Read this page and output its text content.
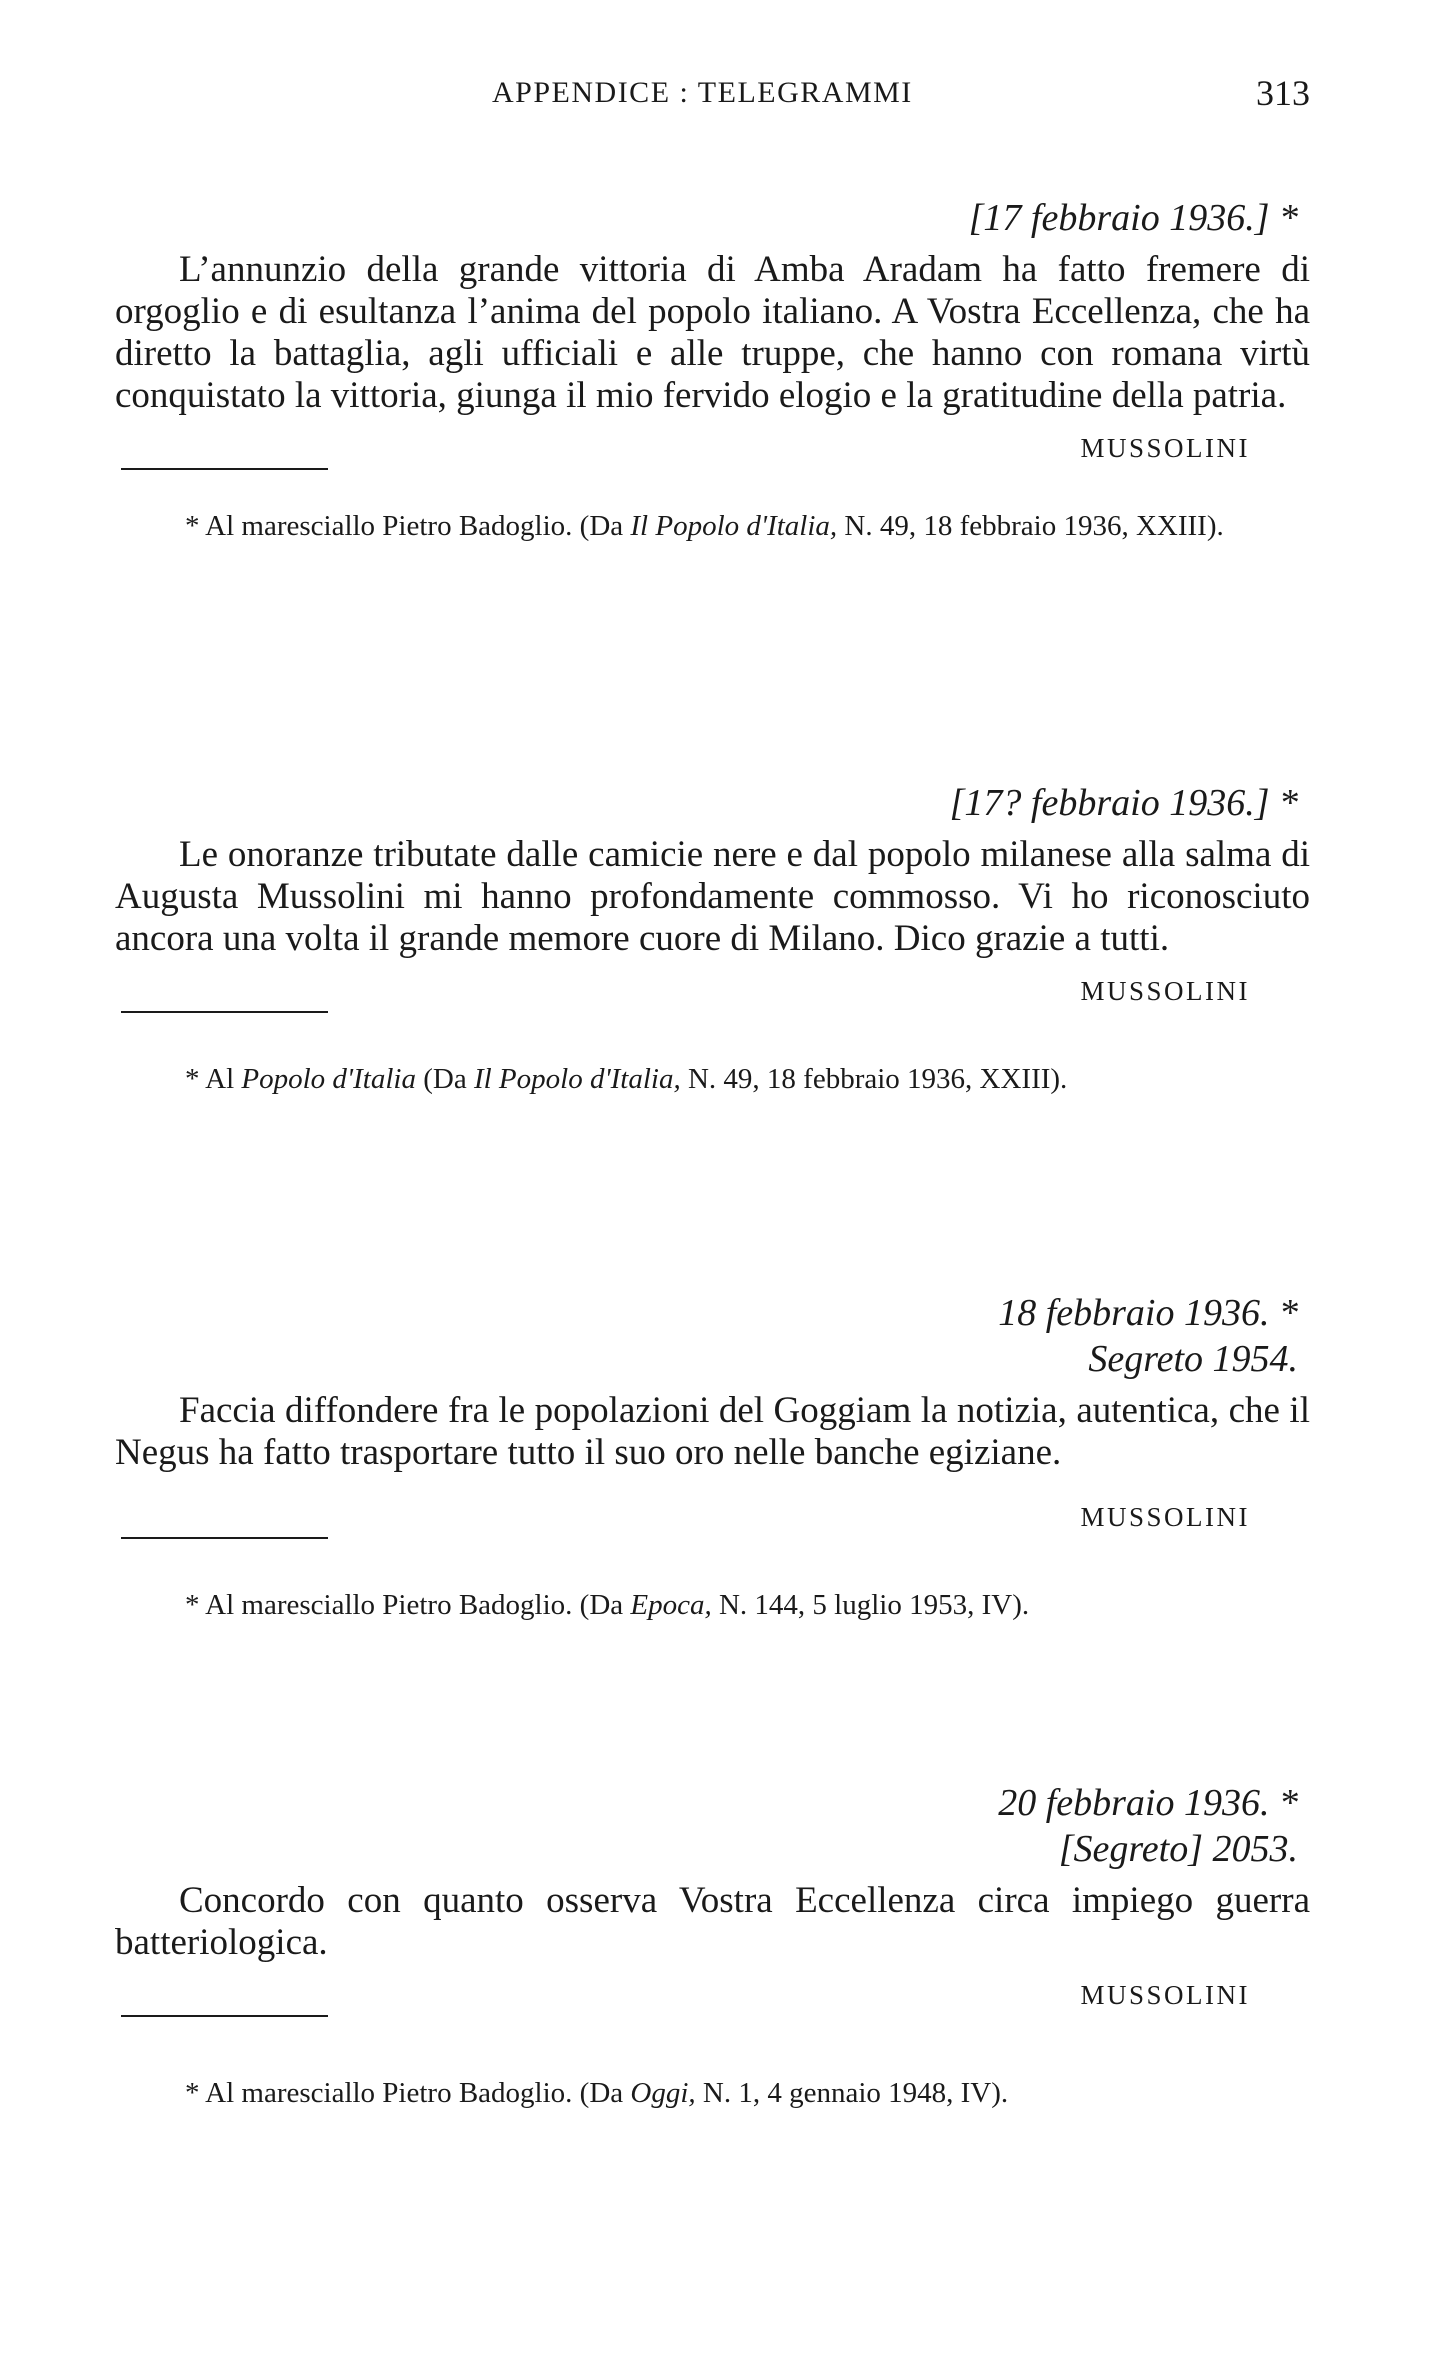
APPENDICE : TELEGRAMMI	313
[17 febbraio 1936.] *

L’annunzio della grande vittoria di Amba Aradam ha fatto fremere di orgoglio e di esultanza l’anima del popolo italiano. A Vostra Eccellenza, che ha diretto la battaglia, agli ufficiali e alle truppe, che hanno con romana virtù conquistato la vittoria, giunga il mio fervido elogio e la gratitudine della patria.

MUSSOLINI
* Al maresciallo Pietro Badoglio. (Da Il Popolo d'Italia, N. 49, 18 febbraio 1936, XXIII).
[17? febbraio 1936.] *

Le onoranze tributate dalle camicie nere e dal popolo milanese alla salma di Augusta Mussolini mi hanno profondamente commosso. Vi ho riconosciuto ancora una volta il grande memore cuore di Milano. Dico grazie a tutti.

MUSSOLINI
* Al Popolo d'Italia (Da Il Popolo d'Italia, N. 49, 18 febbraio 1936, XXIII).
18 febbraio 1936. *
Segreto 1954.

Faccia diffondere fra le popolazioni del Goggiam la notizia, autentica, che il Negus ha fatto trasportare tutto il suo oro nelle banche egiziane.

MUSSOLINI
* Al maresciallo Pietro Badoglio. (Da Epoca, N. 144, 5 luglio 1953, IV).
20 febbraio 1936. *
[Segreto] 2053.

Concordo con quanto osserva Vostra Eccellenza circa impiego guerra batteriologica.

MUSSOLINI
* Al maresciallo Pietro Badoglio. (Da Oggi, N. 1, 4 gennaio 1948, IV).
